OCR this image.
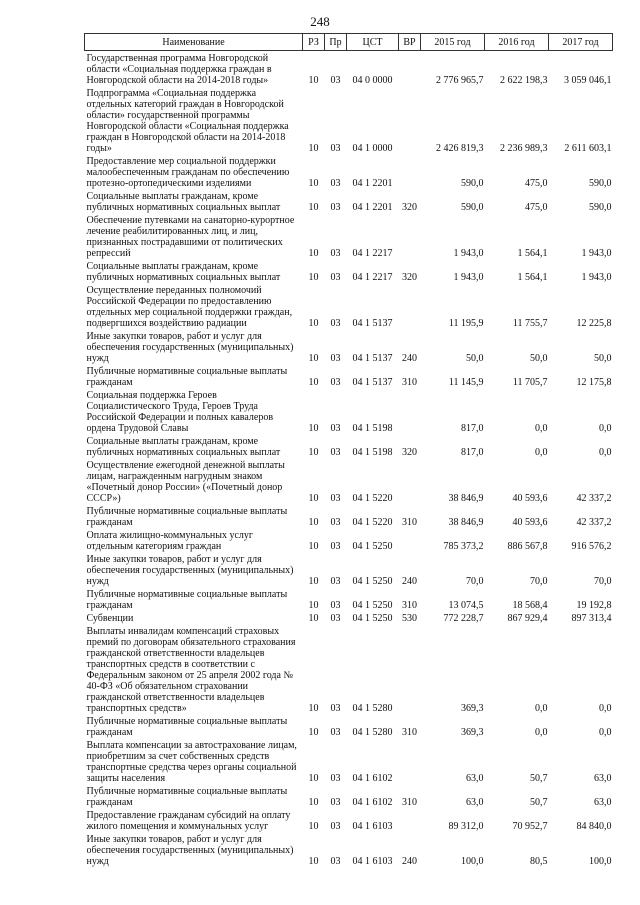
248
Наименование	РЗ	Пр	ЦСТ	ВР	2015 год	2016 год	2017 год
Государственная программа Новгородской области «Социальная поддержка граждан в Новгородской области на 2014-2018 годы»	10	03	04 0 0000		2 776 965,7	2 622 198,3	3 059 046,1
Подпрограмма «Социальная поддержка отдельных категорий граждан в Новгородской области» государственной программы Новгородской области «Социальная поддержка граждан в Новгородской области на 2014-2018 годы»	10	03	04 1 0000		2 426 819,3	2 236 989,3	2 611 603,1
Предоставление мер социальной поддержки малообеспеченным гражданам по обеспечению протезно-ортопедическими изделиями	10	03	04 1 2201		590,0	475,0	590,0
Социальные выплаты гражданам, кроме публичных нормативных социальных выплат	10	03	04 1 2201	320	590,0	475,0	590,0
Обеспечение путевками на санаторно-курортное лечение реабилитированных лиц, и лиц, признанных пострадавшими от политических репрессий	10	03	04 1 2217		1 943,0	1 564,1	1 943,0
Социальные выплаты гражданам, кроме публичных нормативных социальных выплат	10	03	04 1 2217	320	1 943,0	1 564,1	1 943,0
Осуществление переданных полномочий Российской Федерации по предоставлению отдельных мер социальной поддержки граждан, подвергшихся воздействию радиации	10	03	04 1 5137		11 195,9	11 755,7	12 225,8
Иные закупки товаров, работ и услуг для обеспечения государственных (муниципальных) нужд	10	03	04 1 5137	240	50,0	50,0	50,0
Публичные нормативные социальные выплаты гражданам	10	03	04 1 5137	310	11 145,9	11 705,7	12 175,8
Социальная поддержка Героев Социалистического Труда, Героев Труда Российской Федерации и полных кавалеров ордена Трудовой Славы	10	03	04 1 5198		817,0	0,0	0,0
Социальные выплаты гражданам, кроме публичных нормативных социальных выплат	10	03	04 1 5198	320	817,0	0,0	0,0
Осуществление ежегодной денежной выплаты лицам, награжденным нагрудным знаком «Почетный донор России» («Почетный донор СССР»)	10	03	04 1 5220		38 846,9	40 593,6	42 337,2
Публичные нормативные социальные выплаты гражданам	10	03	04 1 5220	310	38 846,9	40 593,6	42 337,2
Оплата жилищно-коммунальных услуг отдельным категориям граждан	10	03	04 1 5250		785 373,2	886 567,8	916 576,2
Иные закупки товаров, работ и услуг для обеспечения государственных (муниципальных) нужд	10	03	04 1 5250	240	70,0	70,0	70,0
Публичные нормативные социальные выплаты гражданам	10	03	04 1 5250	310	13 074,5	18 568,4	19 192,8
Субвенции	10	03	04 1 5250	530	772 228,7	867 929,4	897 313,4
Выплаты инвалидам компенсаций страховых премий по договорам обязательного страхования гражданской ответственности владельцев транспортных средств в соответствии с Федеральным законом от 25 апреля 2002 года № 40-ФЗ «Об обязательном страховании гражданской ответственности владельцев транспортных средств»	10	03	04 1 5280		369,3	0,0	0,0
Публичные нормативные социальные выплаты гражданам	10	03	04 1 5280	310	369,3	0,0	0,0
Выплата компенсации за автострахование лицам, приобретшим за счет собственных средств транспортные средства через органы социальной защиты населения	10	03	04 1 6102		63,0	50,7	63,0
Публичные нормативные социальные выплаты гражданам	10	03	04 1 6102	310	63,0	50,7	63,0
Предоставление гражданам субсидий на оплату жилого помещения и коммунальных услуг	10	03	04 1 6103		89 312,0	70 952,7	84 840,0
Иные закупки товаров, работ и услуг для обеспечения государственных (муниципальных) нужд	10	03	04 1 6103	240	100,0	80,5	100,0
